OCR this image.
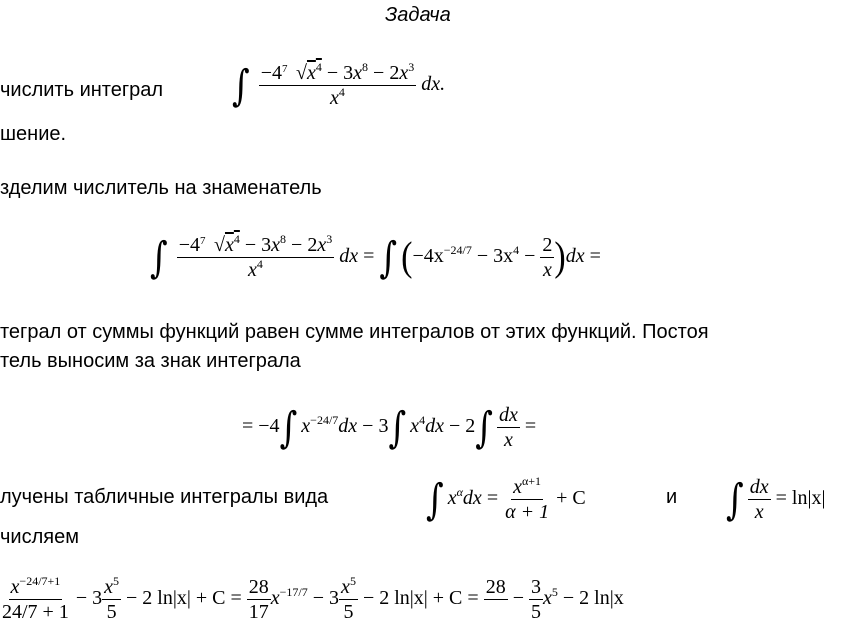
Задача
числить интеграл ∫ $\frac{-4 7 √x^4 - 3x^8 - 2x^3}{x^4}$ dx.
шение.
зделим числитель на знаменатель
∫ $\frac{-4 7 √x^4 - 3x^8 - 2x^3}{x^4}$ dx = ∫ $(-4x^{-24/7} - 3x^4 - \frac{2}{x} )dx$ =
теграл от суммы функций равен сумме интегралов от этих функций. Постоя
тель выносим за знак интеграла
= −4∫ $x^{-24/7}dx - 3\int$ $x^4dx - 2\int \frac{dx}{x}$ =
лучены табличные интегралы вида	∫ $x^\alpha dx = \frac{x^{\alpha+1}}{\alpha + 1} + C$	и ∫ $\frac{dx}{x} = \ln|x|$
числяем
$\frac{x^{-24/7+1}}{24/7 + 1} - 3 \frac{x^5}{5} - 2$ $\ln|x| + C = \frac{28}{17} x^{-17/7} - 3 \frac{x^5}{5} - 2$ ln|x| + C =
28

− $\frac{3}{5} x^5 - 2$ ln|x
